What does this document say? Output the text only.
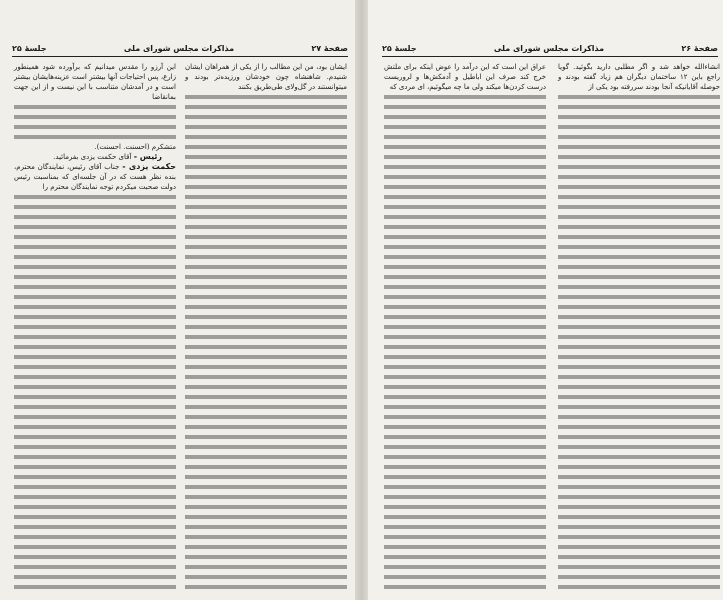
صفحهٔ ۲۷
مذاکرات مجلس شورای ملی
جلسهٔ ۲۵
ایشان بود، من این مطالب را از یکی از همراهان ایشان شنیدم. شاهنشاه چون خودشان ورزیده‌تر بودند و میتوانستند در گل‌ولای طی‌طریق بکنند
این آرزو را مقدس میدانیم که برآورده شود همینطور زارع، پس احتیاجات آنها بیشتر است عزینه‌هایشان بیشتر است و در آمدشان متناسب با این نیست و از این جهت بمانقاضا
متشکرم (احسنت. احسنت).
رئیس - آقای حکمت یزدی بفرمائید.
حکمت یزدی - جناب آقای رئیس، نمایندگان محترم، بنده نظر هست که در آن جلسه‌ای که بمناسبت رئیس دولت صحبت میکردم توجه نمایندگان محترم را
صفحهٔ ۲۶
مذاکرات مجلس شورای ملی
جلسهٔ ۲۵
انشاءالله خواهد شد و اگر مطلبی دارید بگوئید. گویا راجع باین ۱۲ ساختمان دیگران هم زیاد گفته بودند و حوصله آقایانیکه آنجا بودند سررفته بود یکی از
عراق این است که این درآمد را عوض اینکه برای ملتش خرج کند صرف این اباطیل و آدمکش‌ها و لروریست درست کردن‌ها میکند ولی ما چه میگوئیم، ای مردی که
